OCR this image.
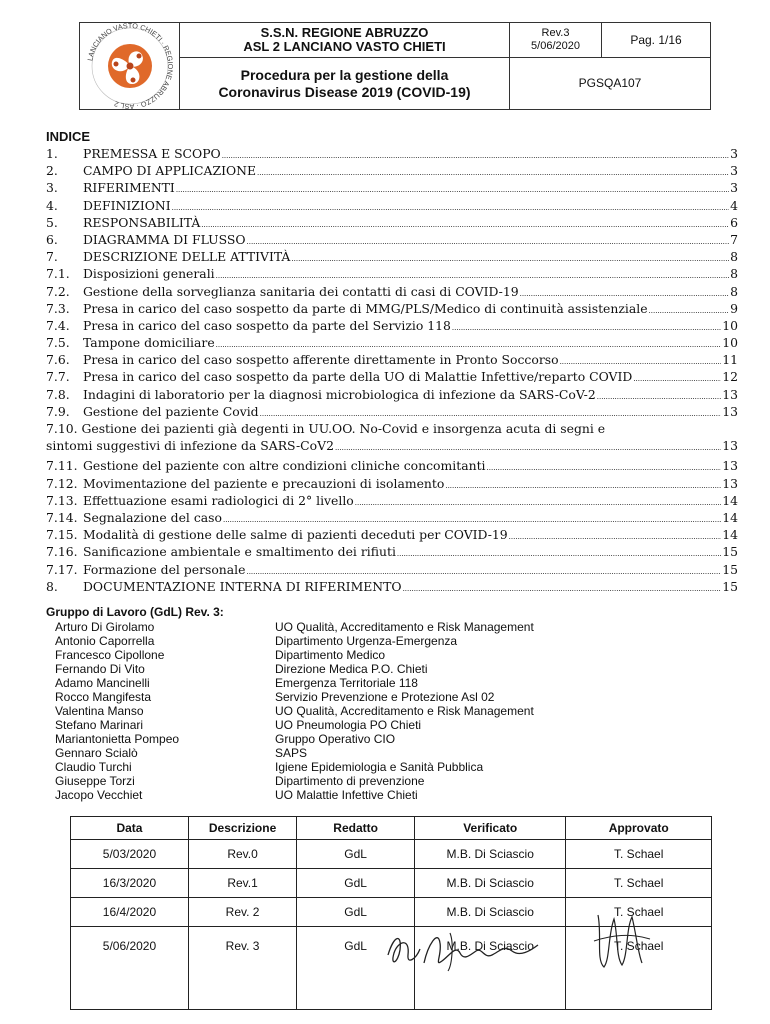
LANCIANO VASTO CHIETI · REGIONE ABRUZZO · ASL 2
S.S.N. REGIONE ABRUZZO
ASL 2 LANCIANO VASTO CHIETI
Rev.3
5/06/2020	Pag. 1/16
Procedura per la gestione della
Coronavirus Disease 2019 (COVID-19)
PGSQA107
INDICE
1.	PREMESSA E SCOPO .....	3
2.	CAMPO DI APPLICAZIONE .....	3
3.	RIFERIMENTI .....	3
4.	DEFINIZIONI .....	4
5.	RESPONSABILITÀ .....	6
6.	DIAGRAMMA DI FLUSSO .....	7
7.	DESCRIZIONE DELLE ATTIVITÀ .....	8
7.1.	Disposizioni generali .....	8
7.2.	Gestione della sorveglianza sanitaria dei contatti di casi di COVID-19 .....	8
7.3.	Presa in carico del caso sospetto da parte di MMG/PLS/Medico di continuità assistenziale .....	9
7.4.	Presa in carico del caso sospetto da parte del Servizio 118 .....	10
7.5.	Tampone domiciliare .....	10
7.6.	Presa in carico del caso sospetto afferente direttamente in Pronto Soccorso .....	11
7.7.	Presa in carico del caso sospetto da parte della UO di Malattie Infettive/reparto COVID .....	12
7.8.	Indagini di laboratorio per la diagnosi microbiologica di infezione da SARS-CoV-2 .....	13
7.9.	Gestione del paziente Covid .....	13
7.10. Gestione dei pazienti già degenti in UU.OO. No-Covid e insorgenza acuta di segni e
sintomi suggestivi di infezione da SARS-CoV2 .....	13
7.11. Gestione del paziente con altre condizioni cliniche concomitanti .....	13
7.12. Movimentazione del paziente e precauzioni di isolamento .....	13
7.13. Effettuazione esami radiologici di 2° livello .....	14
7.14. Segnalazione del caso .....	14
7.15. Modalità di gestione delle salme di pazienti deceduti per COVID-19 .....	14
7.16. Sanificazione ambientale e smaltimento dei rifiuti .....	15
7.17. Formazione del personale .....	15
8.	DOCUMENTAZIONE INTERNA DI RIFERIMENTO .....	15
Gruppo di Lavoro (GdL) Rev. 3:
Arturo Di Girolamo	UO Qualità, Accreditamento e Risk Management
Antonio Caporrella	Dipartimento Urgenza-Emergenza
Francesco Cipollone	Dipartimento Medico
Fernando Di Vito	Direzione Medica P.O. Chieti
Adamo Mancinelli	Emergenza Territoriale 118
Rocco Mangifesta	Servizio Prevenzione e Protezione Asl 02
Valentina Manso	UO Qualità, Accreditamento e Risk Management
Stefano Marinari	UO Pneumologia PO Chieti
Mariantonietta Pompeo	Gruppo Operativo CIO
Gennaro Scialò	SAPS
Claudio Turchi	Igiene Epidemiologia e Sanità Pubblica
Giuseppe Torzi	Dipartimento di prevenzione
Jacopo Vecchiet	UO Malattie Infettive Chieti
Data	Descrizione	Redatto	Verificato	Approvato
5/03/2020	Rev.0	GdL	M.B. Di Sciascio	T. Schael
16/3/2020	Rev.1	GdL	M.B. Di Sciascio	T. Schael
16/4/2020	Rev. 2	GdL	M.B. Di Sciascio	T. Schael
5/06/2020	Rev. 3	GdL	M.B. Di Sciascio	T. Schael
